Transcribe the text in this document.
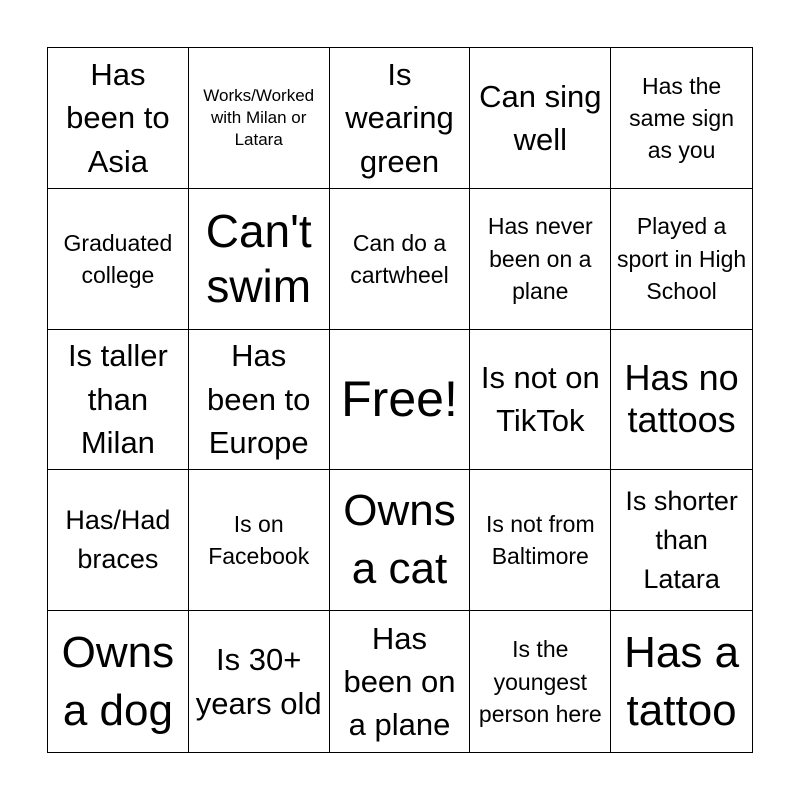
Has been to Asia
Works/Worked with Milan or Latara
Is wearing green
Can sing well
Has the same sign as you
Graduated college
Can't swim
Can do a cartwheel
Has never been on a plane
Played a sport in High School
Is taller than Milan
Has been to Europe
Free! Is not on TikTok
Has no tattoos
Has/Had braces
Is on Facebook
Owns a cat
Is not from Baltimore
Is shorter than Latara
Owns a dog
Is 30+ years old
Has been on a plane
Is the youngest person here
Has a tattoo
